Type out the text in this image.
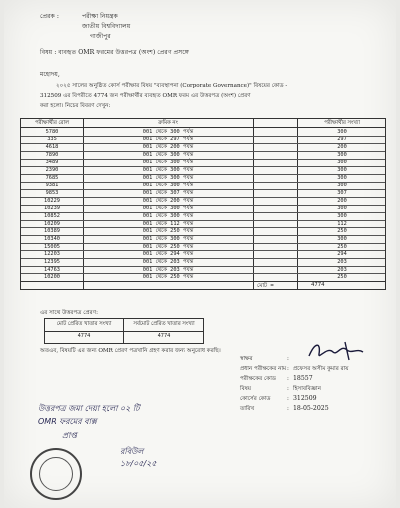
প্রেরক :	পরীক্ষা নিয়ন্ত্রক
জাতীয় বিশ্ববিদ্যালয়
গাজীপুর
বিষয় : ব্যবহৃত OMR ফরমের উত্তরপত্র (অংশ) প্রেরণ প্রসঙ্গে
মহোদয়,
২০২৫ সালের অনুষ্ঠিত কোর্স পরীক্ষার বিষয় "ব্যবস্থাপনা (Corporate Governance)" বিষয়ের কোড -
312509 এর বিপরীতে 4774 জন পরীক্ষার্থীর ব্যবহৃত OMR ফরম এর উত্তরপত্র (অংশ) প্রেরণ
করা হলো। নিচের বিবরণ দেখুন:
পরীক্ষার্থীর রোল	ক্রমিক নং	পরীক্ষার্থীর সংখ্যা
5780	001 থেকে 300 পর্যন্ত	300
335	001 থেকে 297 পর্যন্ত	297
4618	001 থেকে 200 পর্যন্ত	200
7890	001 থেকে 300 পর্যন্ত	300
3489	001 থেকে 300 পর্যন্ত	300
2390	001 থেকে 300 পর্যন্ত	300
7685	001 থেকে 300 পর্যন্ত	300
9381	001 থেকে 300 পর্যন্ত	300
9853	001 থেকে 307 পর্যন্ত	307
10229	001 থেকে 200 পর্যন্ত	200
10239	001 থেকে 300 পর্যন্ত	300
10852	001 থেকে 300 পর্যন্ত	300
10209	001 থেকে 112 পর্যন্ত	112
10389	001 থেকে 250 পর্যন্ত	250
10340	001 থেকে 300 পর্যন্ত	300
15005	001 থেকে 250 পর্যন্ত	250
12203	001 থেকে 294 পর্যন্ত	294
12395	001 থেকে 203 পর্যন্ত	203
14763	001 থেকে 203 পর্যন্ত	203
10200	001 থেকে 250 পর্যন্ত	250
মোট =	4774
এর সাথে উত্তরপত্র প্রেরণ:
মোট প্রেরিত খাতার সংখ্যা	সর্বমোট প্রেরিত খাতার সংখ্যা
4774	4774
অতএব, বিষয়টি এর জন্য OMR প্রেরণ পত্রখানি গ্রহণ করার জন্য অনুরোধ করছি।
স্বাক্ষর	:
প্রধান পরীক্ষকের নাম : প্রফেসর অসীম কুমার রায়
পরীক্ষকের কোড : 18557
বিষয়	: হিসাববিজ্ঞান
কোর্সের কোড	: 312509
তারিখ	: 18-05-2025
উত্তরপত্র জমা দেয়া হলো ০২ টি
OMR ফরমের বাক্স
প্রাপ্ত
রবিউল
১৮/০৫/২৫
